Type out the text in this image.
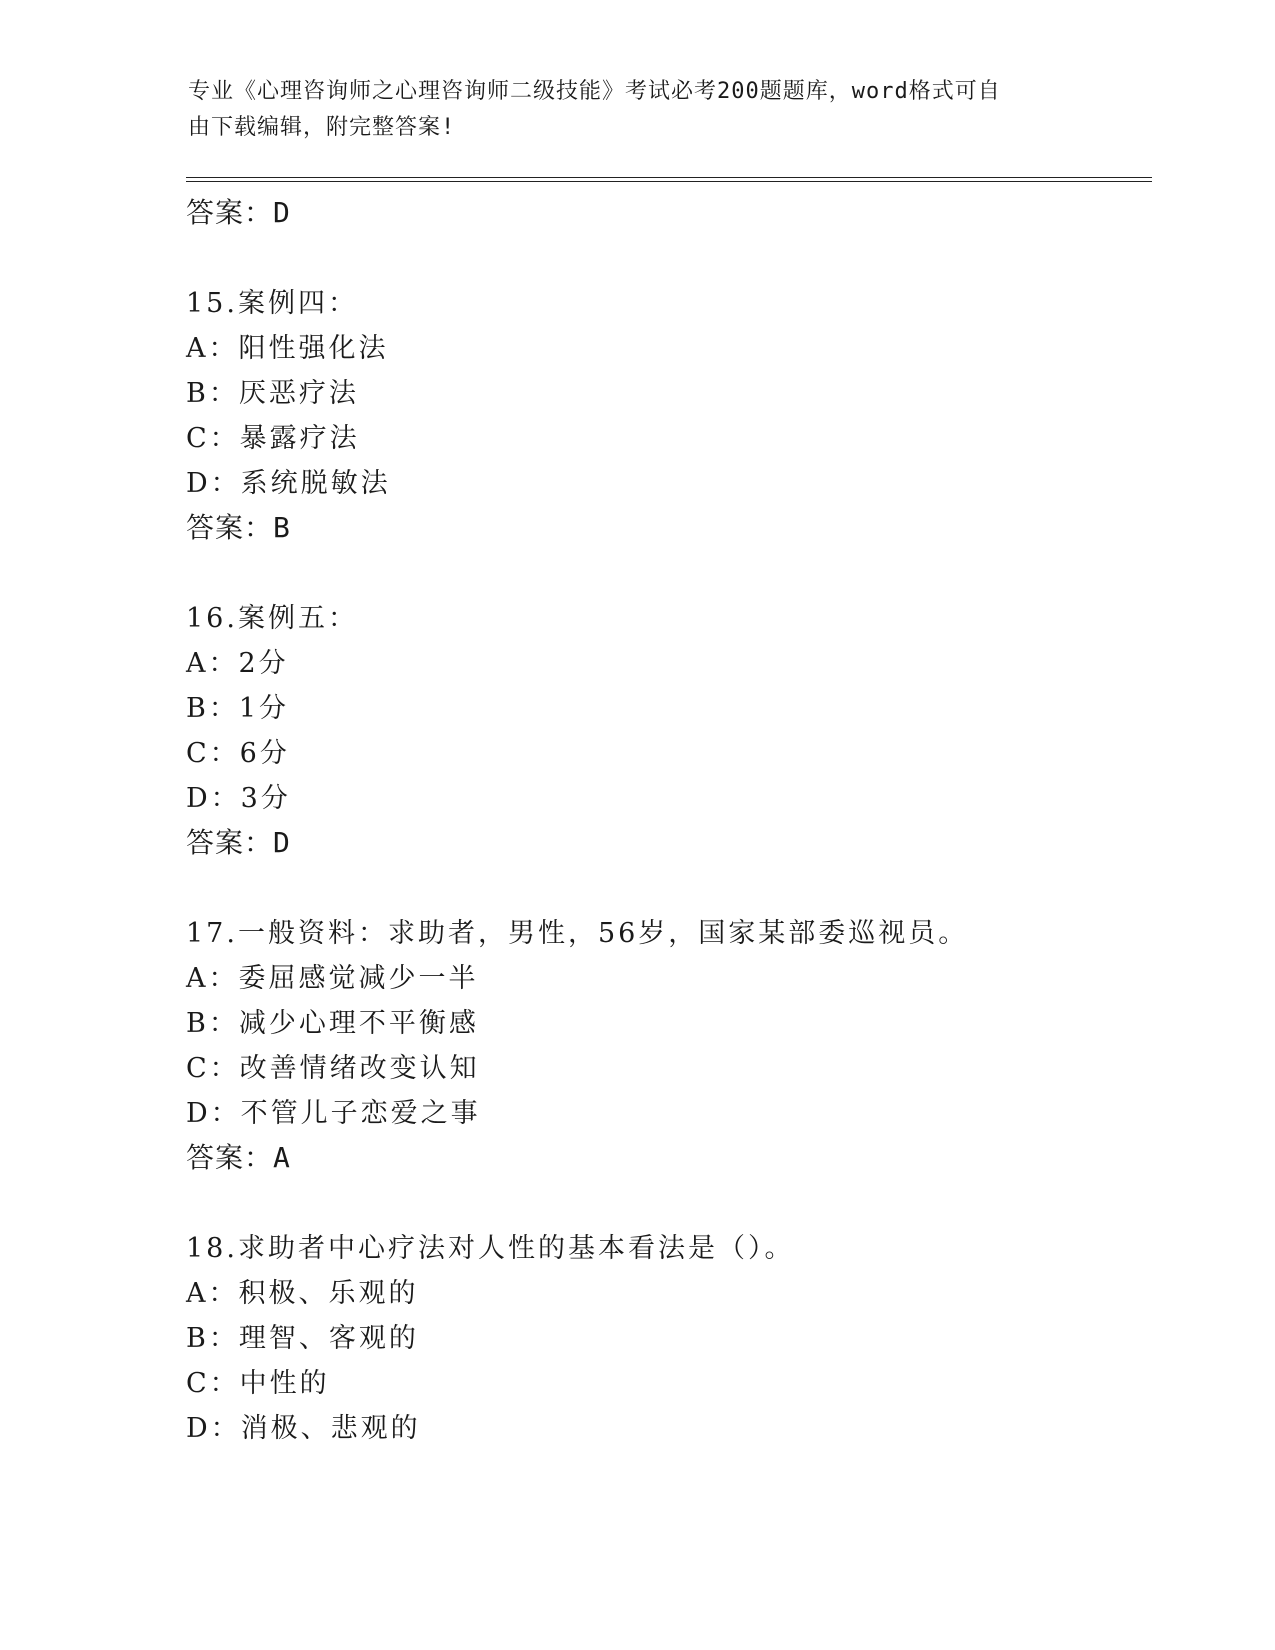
专业《心理咨询师之心理咨询师二级技能》考试必考200题题库，word格式可自
由下载编辑，附完整答案!
答案：D
15.案例四：
A：阳性强化法
B：厌恶疗法
C：暴露疗法
D：系统脱敏法
答案：B
16.案例五：
A：2分
B：1分
C：6分
D：3分
答案：D
17.一般资料：求助者，男性，56岁，国家某部委巡视员。
A：委屈感觉减少一半
B：减少心理不平衡感
C：改善情绪改变认知
D：不管儿子恋爱之事
答案：A
18.求助者中心疗法对人性的基本看法是（）。
A：积极、乐观的
B：理智、客观的
C：中性的
D：消极、悲观的
